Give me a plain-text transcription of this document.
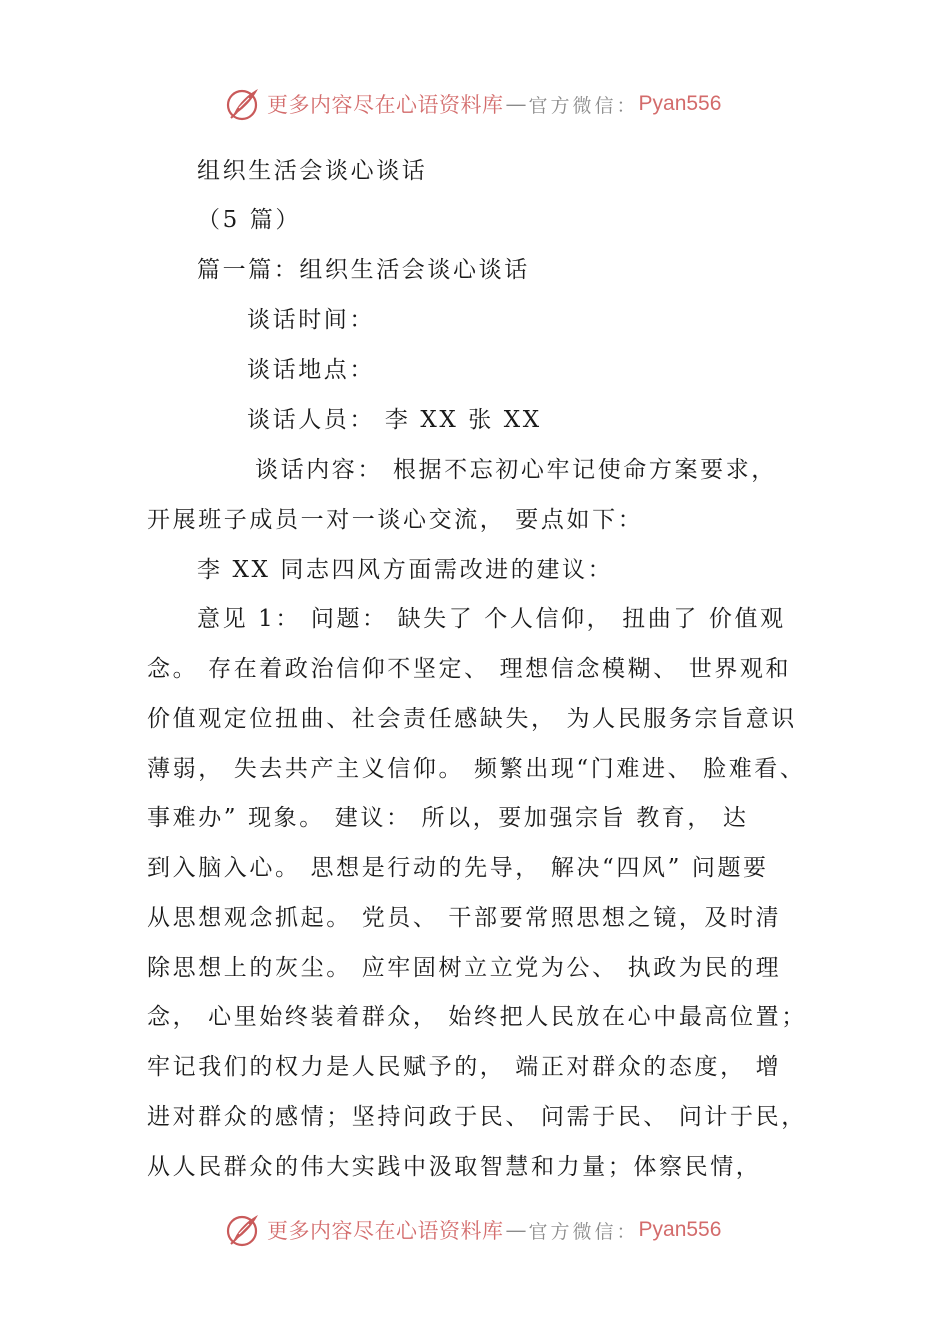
更多内容尽在心语资料库 — 官方微信： Pyan556
组织生活会谈心谈话
（5 篇）
篇一篇：组织生活会谈心谈话
谈话时间：
谈话地点：
谈话人员： 李 XX 张 XX
谈话内容： 根据不忘初心牢记使命方案要求，
开展班子成员一对一谈心交流， 要点如下：
李 XX 同志四风方面需改进的建议：
意见 1： 问题： 缺失了 个人信仰， 扭曲了 价值观
念。 存在着政治信仰不坚定、 理想信念模糊、 世界观和
价值观定位扭曲、社会责任感缺失， 为人民服务宗旨意识
薄弱， 失去共产主义信仰。 频繁出现“门难进、 脸难看、
事难办” 现象。 建议： 所以，要加强宗旨 教育， 达
到入脑入心。 思想是行动的先导， 解决“四风” 问题要
从思想观念抓起。 党员、 干部要常照思想之镜，及时清
除思想上的灰尘。 应牢固树立立党为公、 执政为民的理
念， 心里始终装着群众， 始终把人民放在心中最高位置；
牢记我们的权力是人民赋予的， 端正对群众的态度， 增
进对群众的感情；坚持问政于民、 问需于民、 问计于民，
从人民群众的伟大实践中汲取智慧和力量；体察民情，
更多内容尽在心语资料库 — 官方微信： Pyan556
